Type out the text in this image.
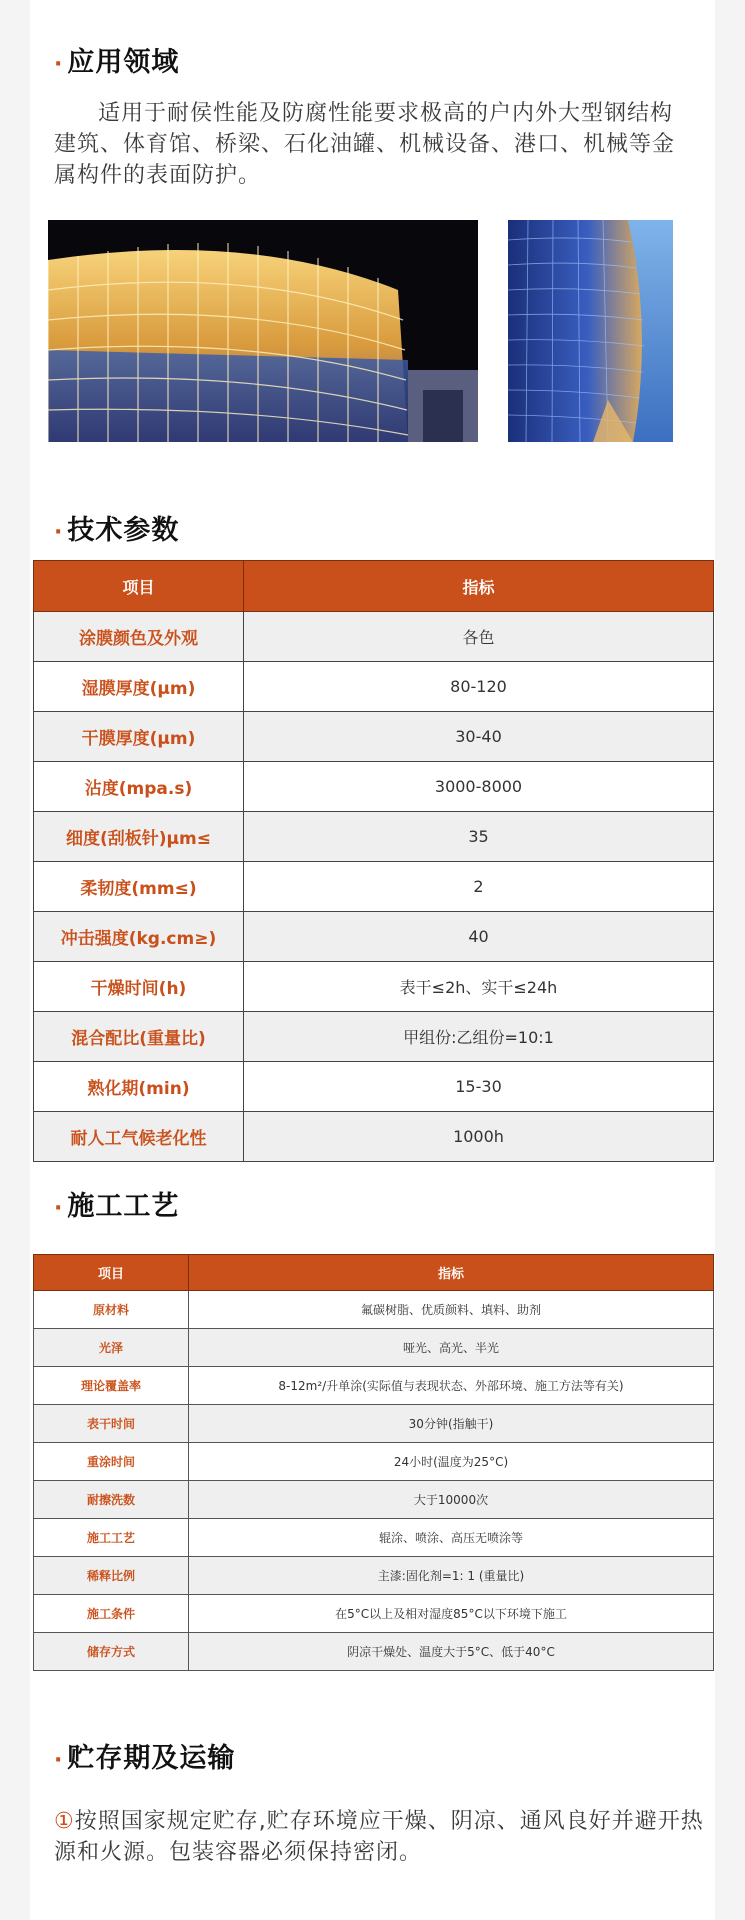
· 应用领域
适用于耐侯性能及防腐性能要求极高的户内外大型钢结构建筑、体育馆、桥梁、石化油罐、机械设备、港口、机械等金属构件的表面防护。
· 技术参数
项目	指标
涂膜颜色及外观	各色
湿膜厚度(μm)	80-120
干膜厚度(μm)	30-40
沾度(mpa.s)	3000-8000
细度(刮板针)μm≤	35
柔韧度(mm≤)	2
冲击强度(kg.cm≥)	40
干燥时间(h)	表干≤2h、实干≤24h
混合配比(重量比)	甲组份:乙组份=10:1
熟化期(min)	15-30
耐人工气候老化性	1000h
· 施工工艺
项目	指标
原材料	氟碳树脂、优质颜料、填料、助剂
光泽	哑光、高光、半光
理论覆盖率	8-12m²/升单涂(实际值与表现状态、外部环境、施工方法等有关)
表干时间	30分钟(指触干)
重涂时间	24小时(温度为25°C)
耐擦洗数	大于10000次
施工工艺	辊涂、喷涂、高压无喷涂等
稀释比例	主漆:固化剂=1: 1 (重量比)
施工条件	在5°C以上及相对湿度85°C以下环境下施工
储存方式	阴凉干燥处、温度大于5°C、低于40°C
· 贮存期及运输
①按照国家规定贮存,贮存环境应干燥、阴凉、通风良好并避开热源和火源。包装容器必须保持密闭。
